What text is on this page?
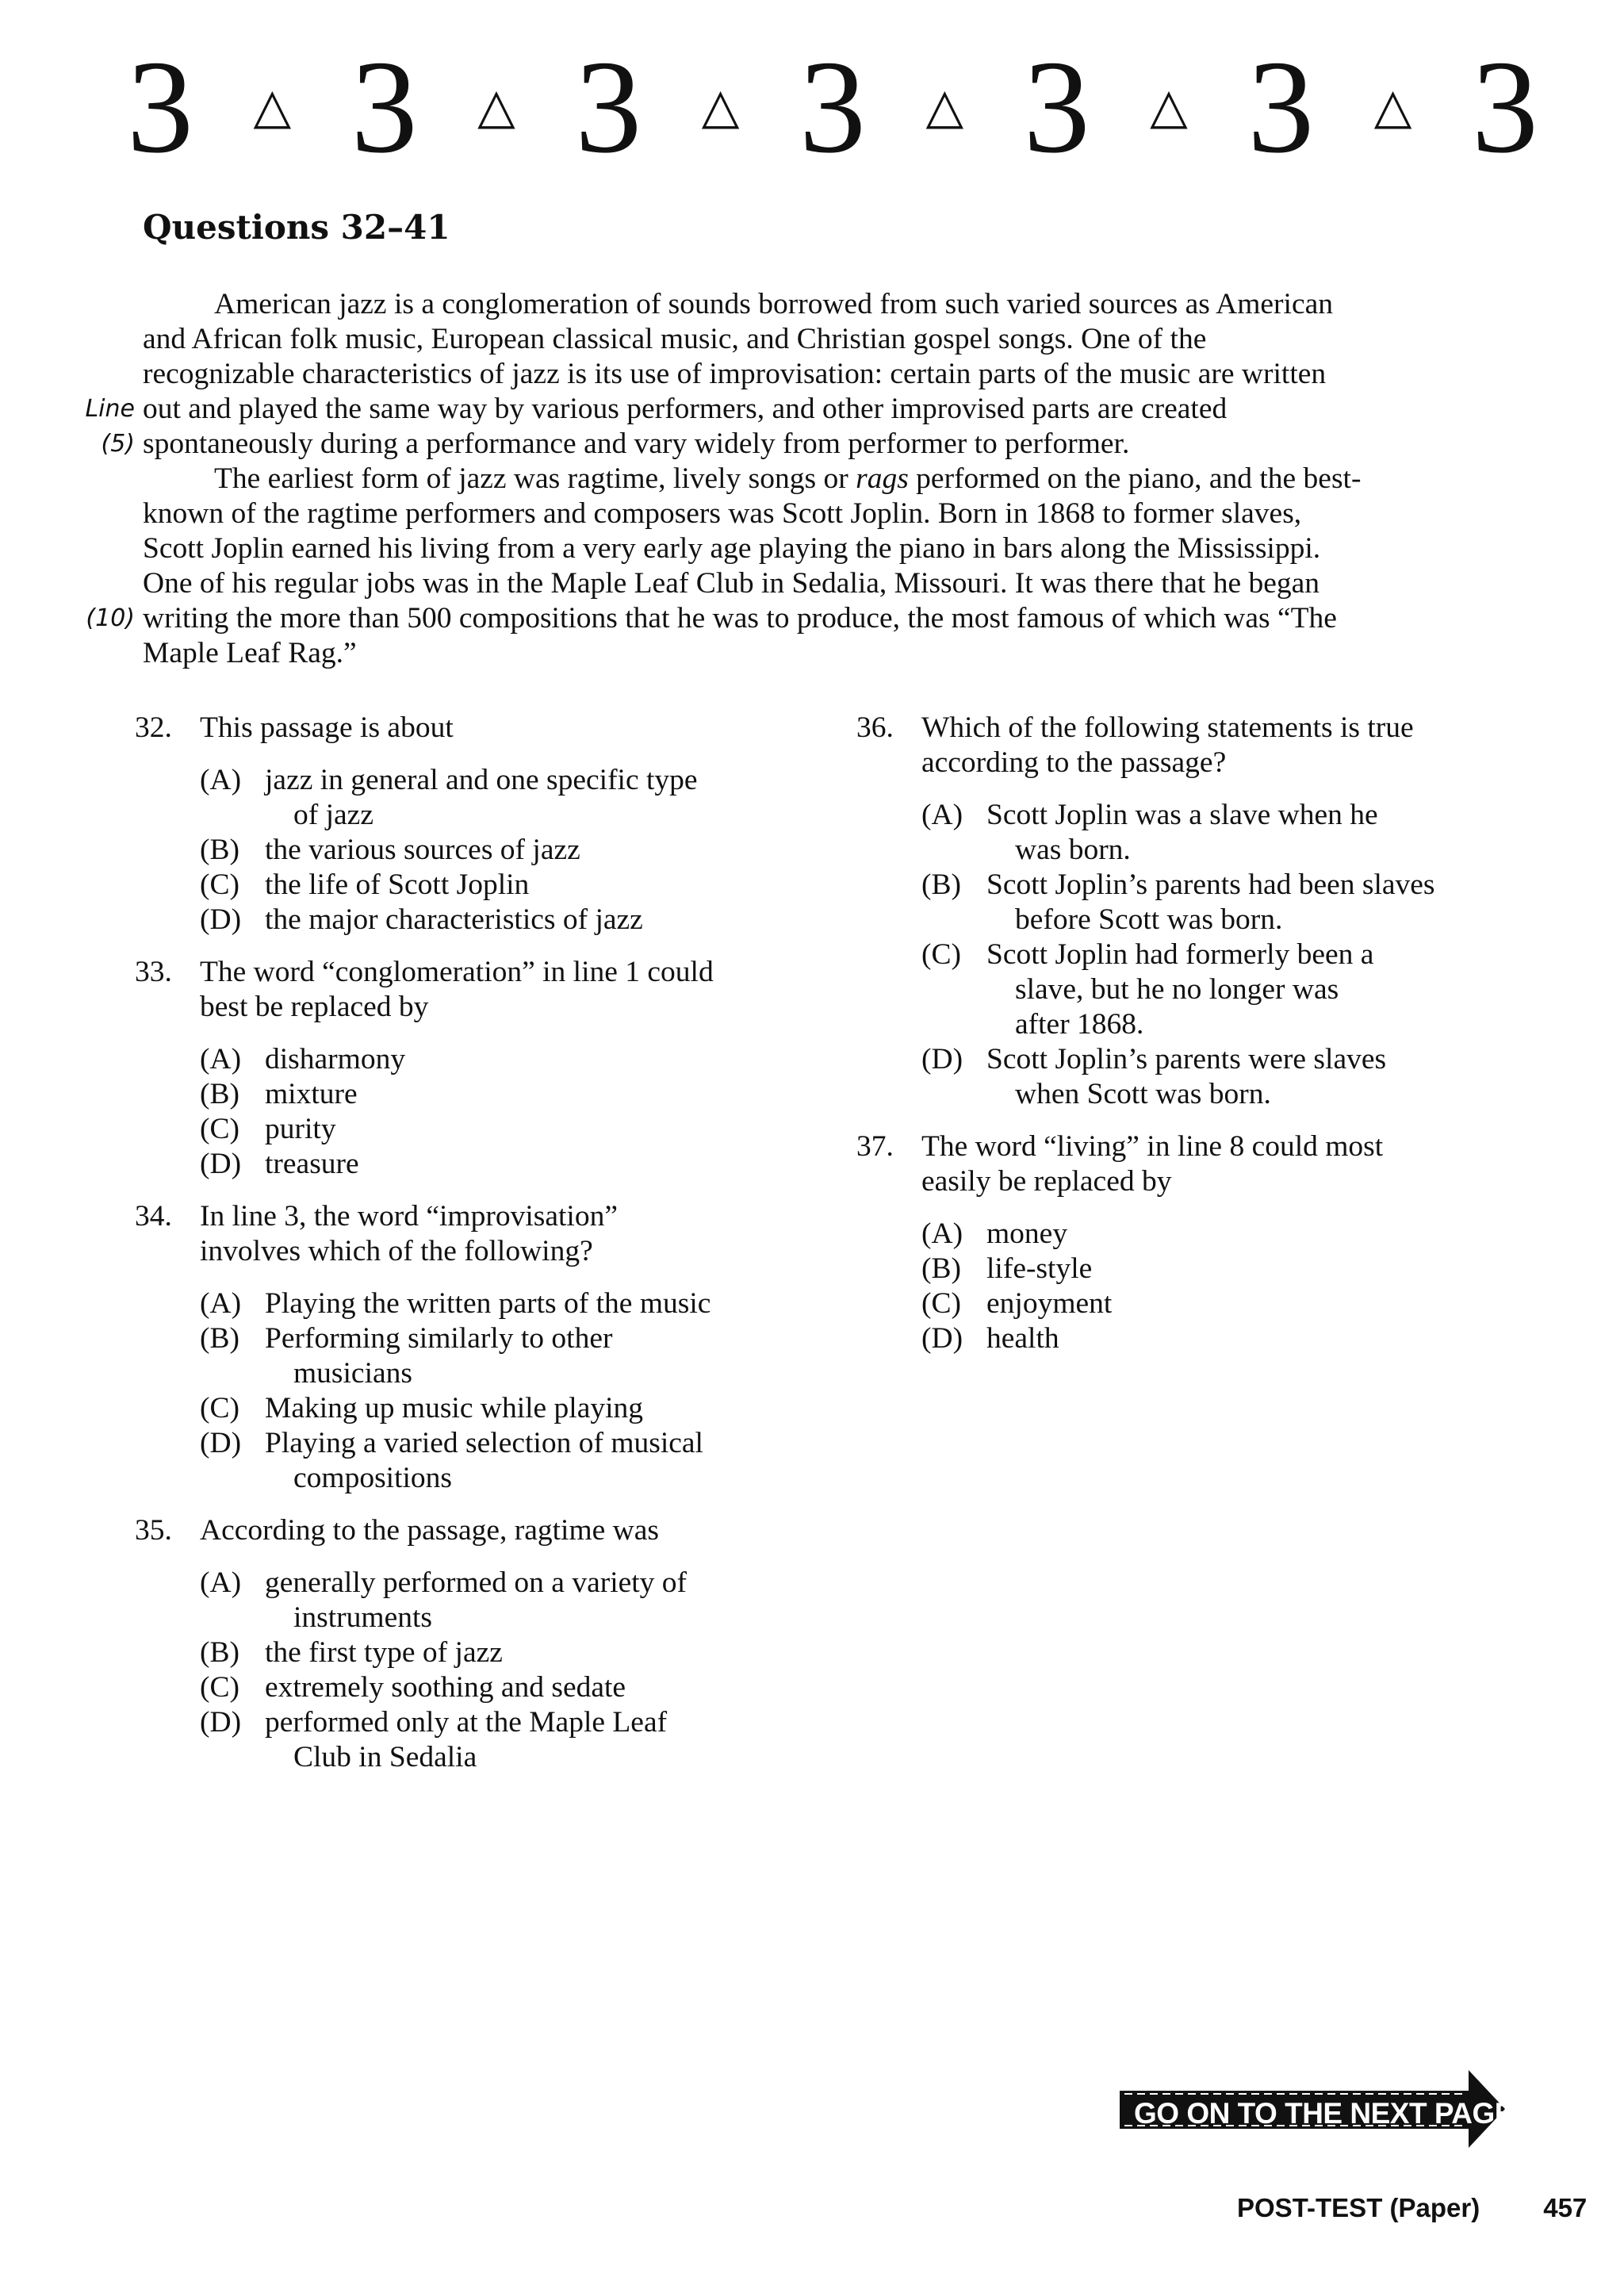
3 △ 3 △ 3 △ 3 △ 3 △ 3 △ 3
Questions 32–41
American jazz is a conglomeration of sounds borrowed from such varied sources as American
and African folk music, European classical music, and Christian gospel songs. One of the
recognizable characteristics of jazz is its use of improvisation: certain parts of the music are written
Line out and played the same way by various performers, and other improvised parts are created
(5) spontaneously during a performance and vary widely from performer to performer.
The earliest form of jazz was ragtime, lively songs or rags performed on the piano, and the best-
known of the ragtime performers and composers was Scott Joplin. Born in 1868 to former slaves,
Scott Joplin earned his living from a very early age playing the piano in bars along the Mississippi.
One of his regular jobs was in the Maple Leaf Club in Sedalia, Missouri. It was there that he began
(10) writing the more than 500 compositions that he was to produce, the most famous of which was “The
Maple Leaf Rag.”
32. This passage is about
(A) jazz in general and one specific type
of jazz
(B) the various sources of jazz
(C) the life of Scott Joplin
(D) the major characteristics of jazz
33. The word “conglomeration” in line 1 could
best be replaced by
(A) disharmony
(B) mixture
(C) purity
(D) treasure
34. In line 3, the word “improvisation”
involves which of the following?
(A) Playing the written parts of the music
(B) Performing similarly to other
musicians
(C) Making up music while playing
(D) Playing a varied selection of musical
compositions
35. According to the passage, ragtime was
(A) generally performed on a variety of
instruments
(B) the first type of jazz
(C) extremely soothing and sedate
(D) performed only at the Maple Leaf
Club in Sedalia
36. Which of the following statements is true
according to the passage?
(A) Scott Joplin was a slave when he
was born.
(B) Scott Joplin’s parents had been slaves
before Scott was born.
(C) Scott Joplin had formerly been a
slave, but he no longer was
after 1868.
(D) Scott Joplin’s parents were slaves
when Scott was born.
37. The word “living” in line 8 could most
easily be replaced by
(A) money
(B) life-style
(C) enjoyment
(D) health
GO ON TO THE NEXT PAGE
POST-TEST (Paper) 457
